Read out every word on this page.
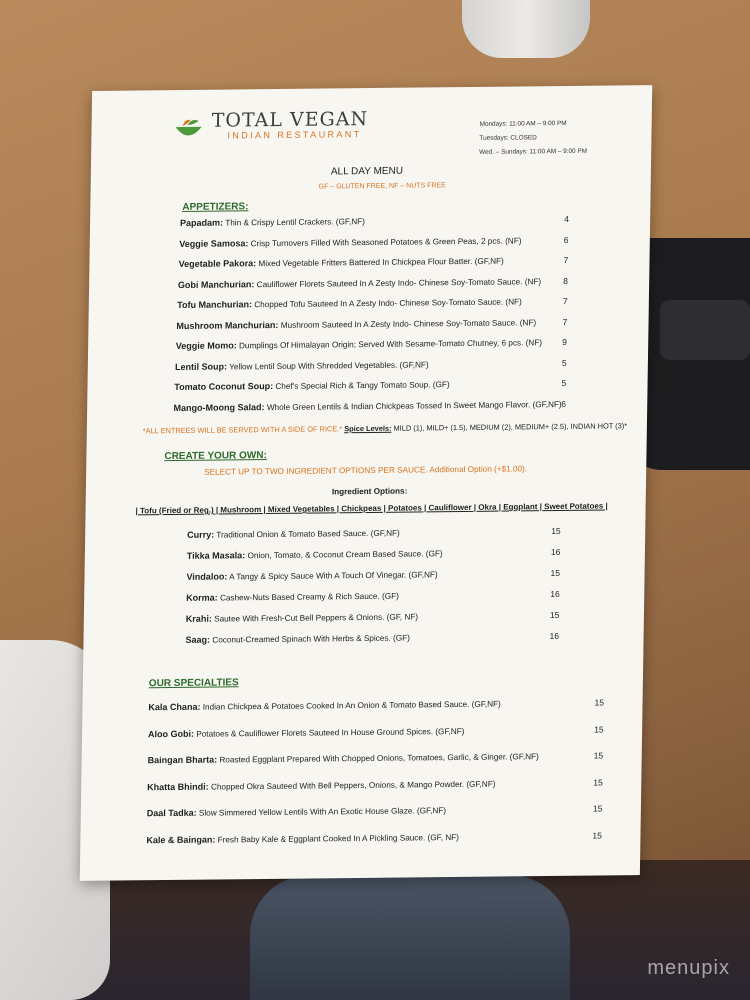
TOTAL VEGAN
INDIAN RESTAURANT
Mondays: 11:00 AM – 9:00 PM
Tuesdays: CLOSED
Wed. – Sundays: 11:00 AM – 9:00 PM
ALL DAY MENU
GF – GLUTEN FREE, NF – NUTS FREE
APPETIZERS:
Papadam: Thin & Crispy Lentil Crackers. (GF,NF)	4
Veggie Samosa: Crisp Turnovers Filled With Seasoned Potatoes & Green Peas, 2 pcs. (NF)	6
Vegetable Pakora: Mixed Vegetable Fritters Battered In Chickpea Flour Batter. (GF,NF)	7
Gobi Manchurian: Cauliflower Florets Sauteed In A Zesty Indo- Chinese Soy-Tomato Sauce. (NF)	8
Tofu Manchurian: Chopped Tofu Sauteed In A Zesty Indo- Chinese Soy-Tomato Sauce. (NF)	7
Mushroom Manchurian: Mushroom Sauteed In A Zesty Indo- Chinese Soy-Tomato Sauce. (NF)	7
Veggie Momo: Dumplings Of Himalayan Origin; Served With Sesame-Tomato Chutney, 6 pcs. (NF) 9
Lentil Soup: Yellow Lentil Soup With Shredded Vegetables. (GF,NF)	5
Tomato Coconut Soup: Chef's Special Rich & Tangy Tomato Soup. (GF)	5
Mango-Moong Salad: Whole Green Lentils & Indian Chickpeas Tossed In Sweet Mango Flavor. (GF,NF) 6
*ALL ENTREES WILL BE SERVED WITH A SIDE OF RICE.* Spice Levels: MILD (1), MILD+ (1.5), MEDIUM (2), MEDIUM+ (2.5), INDIAN HOT (3)*
CREATE YOUR OWN:
SELECT UP TO TWO INGREDIENT OPTIONS PER SAUCE. Additional Option (+$1.00).
Ingredient Options:
| Tofu (Fried or Reg.) | Mushroom | Mixed Vegetables | Chickpeas | Potatoes | Cauliflower | Okra | Eggplant | Sweet Potatoes |
Curry: Traditional Onion & Tomato Based Sauce. (GF,NF)	15
Tikka Masala: Onion, Tomato, & Coconut Cream Based Sauce. (GF)	16
Vindaloo: A Tangy & Spicy Sauce With A Touch Of Vinegar. (GF,NF)	15
Korma: Cashew-Nuts Based Creamy & Rich Sauce. (GF)	16
Krahi: Sautee With Fresh-Cut Bell Peppers & Onions. (GF, NF)	15
Saag: Coconut-Creamed Spinach With Herbs & Spices. (GF)	16
OUR SPECIALTIES
Kala Chana: Indian Chickpea & Potatoes Cooked In An Onion & Tomato Based Sauce. (GF,NF)	15
Aloo Gobi: Potatoes & Cauliflower Florets Sauteed In House Ground Spices. (GF,NF)	15
Baingan Bharta: Roasted Eggplant Prepared With Chopped Onions, Tomatoes, Garlic, & Ginger. (GF,NF)	15
Khatta Bhindi: Chopped Okra Sauteed With Bell Peppers, Onions, & Mango Powder. (GF,NF)	15
Daal Tadka: Slow Simmered Yellow Lentils With An Exotic House Glaze. (GF,NF)	15
Kale & Baingan: Fresh Baby Kale & Eggplant Cooked In A Pickling Sauce. (GF, NF)	15
menupix
